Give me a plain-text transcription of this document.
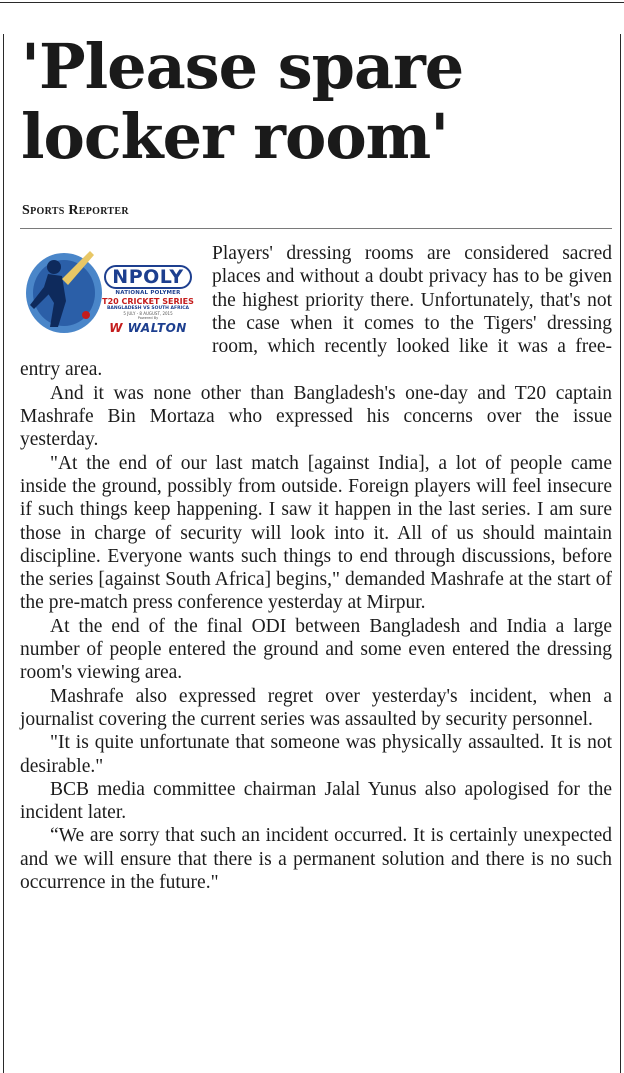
'Please spare locker room'
Sports Reporter
NPOLY
NATIONAL POLYMER
T20 CRICKET SERIES
BANGLADESH VS SOUTH AFRICA
5 JULY - 8 AUGUST, 2015
Powered By
W WALTON

Players' dressing rooms are considered sacred places and without a doubt privacy has to be given the highest priority there. Unfortunately, that's not the case when it comes to the Tigers' dressing room, which recently looked like it was a free-entry area.

And it was none other than Bangladesh's one-day and T20 captain Mashrafe Bin Mortaza who expressed his concerns over the issue yesterday.

"At the end of our last match [against India], a lot of people came inside the ground, possibly from outside. Foreign players will feel insecure if such things keep happening. I saw it happen in the last series. I am sure those in charge of security will look into it. All of us should maintain discipline. Everyone wants such things to end through discussions, before the series [against South Africa] begins," demanded Mashrafe at the start of the pre-match press conference yesterday at Mirpur.

At the end of the final ODI between Bangladesh and India a large number of people entered the ground and some even entered the dressing room's viewing area.

Mashrafe also expressed regret over yesterday's incident, when a journalist covering the current series was assaulted by security personnel.

"It is quite unfortunate that someone was physically assaulted. It is not desirable."

BCB media committee chairman Jalal Yunus also apologised for the incident later.

“We are sorry that such an incident occurred. It is certainly unexpected and we will ensure that there is a permanent solution and there is no such occurrence in the future."
